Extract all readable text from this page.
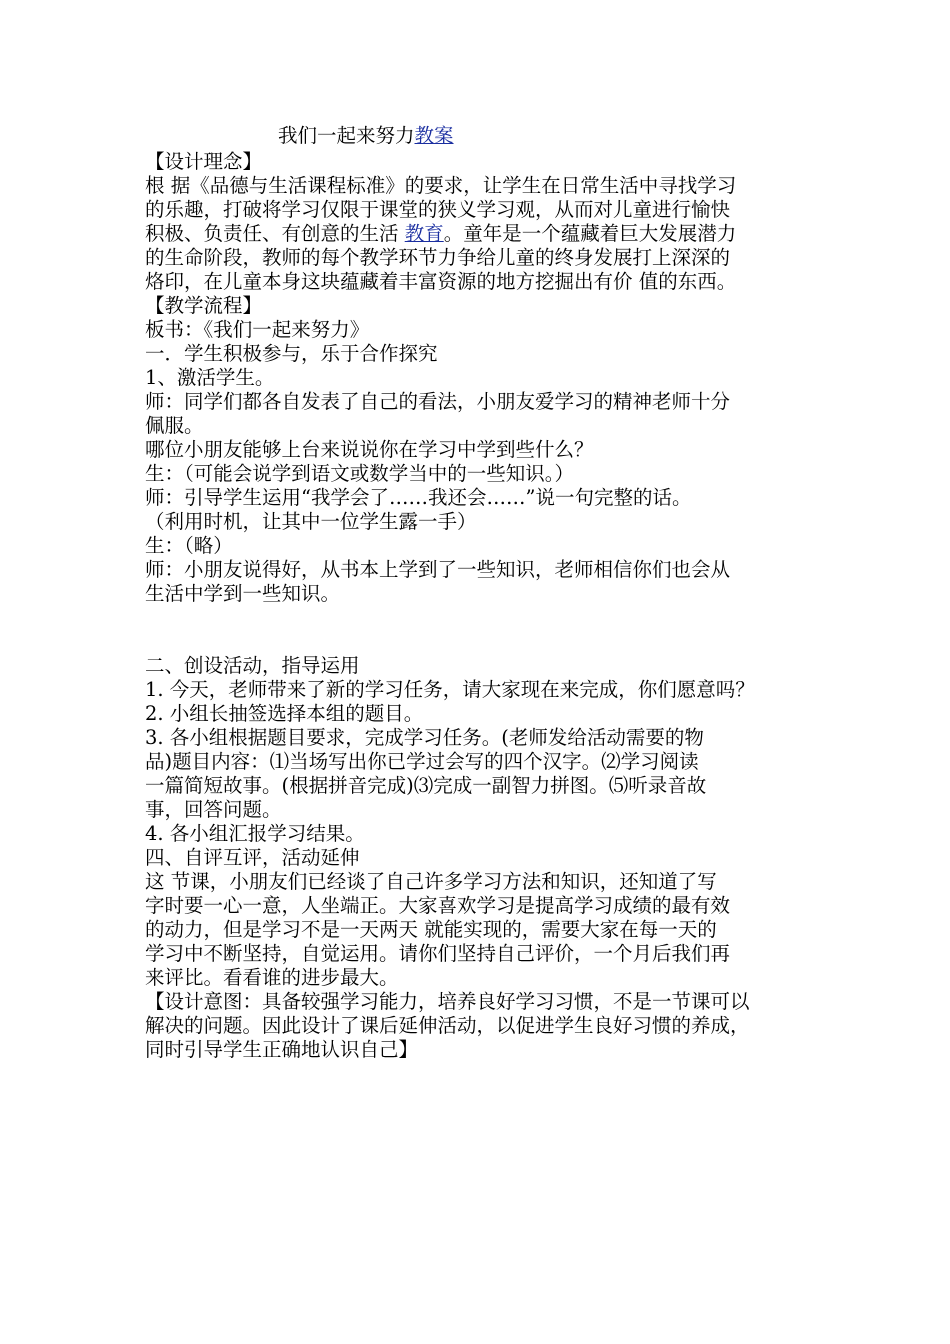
我们一起来努力教案

【设计理念】

根 据《品德与生活课程标准》的要求，让学生在日常生活中寻找学习

的乐趣，打破将学习仅限于课堂的狭义学习观，从而对儿童进行愉快

积极、负责任、有创意的生活 教育。童年是一个蕴藏着巨大发展潜力

的生命阶段，教师的每个教学环节力争给儿童的终身发展打上深深的

烙印，在儿童本身这块蕴藏着丰富资源的地方挖掘出有价 值的东西。

【教学流程】

板书：《我们一起来努力》

一．学生积极参与，乐于合作探究

1、激活学生。

师：同学们都各自发表了自己的看法，小朋友爱学习的精神老师十分

佩服。

哪位小朋友能够上台来说说你在学习中学到些什么？

生：（可能会说学到语文或数学当中的一些知识。）

师：引导学生运用“我学会了……我还会……”说一句完整的话。

（利用时机，让其中一位学生露一手）

生：（略）

师：小朋友说得好，从书本上学到了一些知识，老师相信你们也会从

生活中学到一些知识。

二、创设活动，指导运用

1. 今天，老师带来了新的学习任务，请大家现在来完成，你们愿意吗？

2. 小组长抽签选择本组的题目。

3. 各小组根据题目要求，完成学习任务。(老师发给活动需要的物

品)题目内容：⑴当场写出你已学过会写的四个汉字。⑵学习阅读

一篇简短故事。(根据拼音完成)⑶完成一副智力拼图。⑸听录音故

事，回答问题。

4. 各小组汇报学习结果。

四、自评互评，活动延伸

这 节课，小朋友们已经谈了自己许多学习方法和知识，还知道了写

字时要一心一意，人坐端正。大家喜欢学习是提高学习成绩的最有效

的动力，但是学习不是一天两天 就能实现的，需要大家在每一天的

学习中不断坚持，自觉运用。请你们坚持自己评价，一个月后我们再

来评比。看看谁的进步最大。

【设计意图：具备较强学习能力，培养良好学习习惯，不是一节课可以

解决的问题。因此设计了课后延伸活动，以促进学生良好习惯的养成，

同时引导学生正确地认识自己】
